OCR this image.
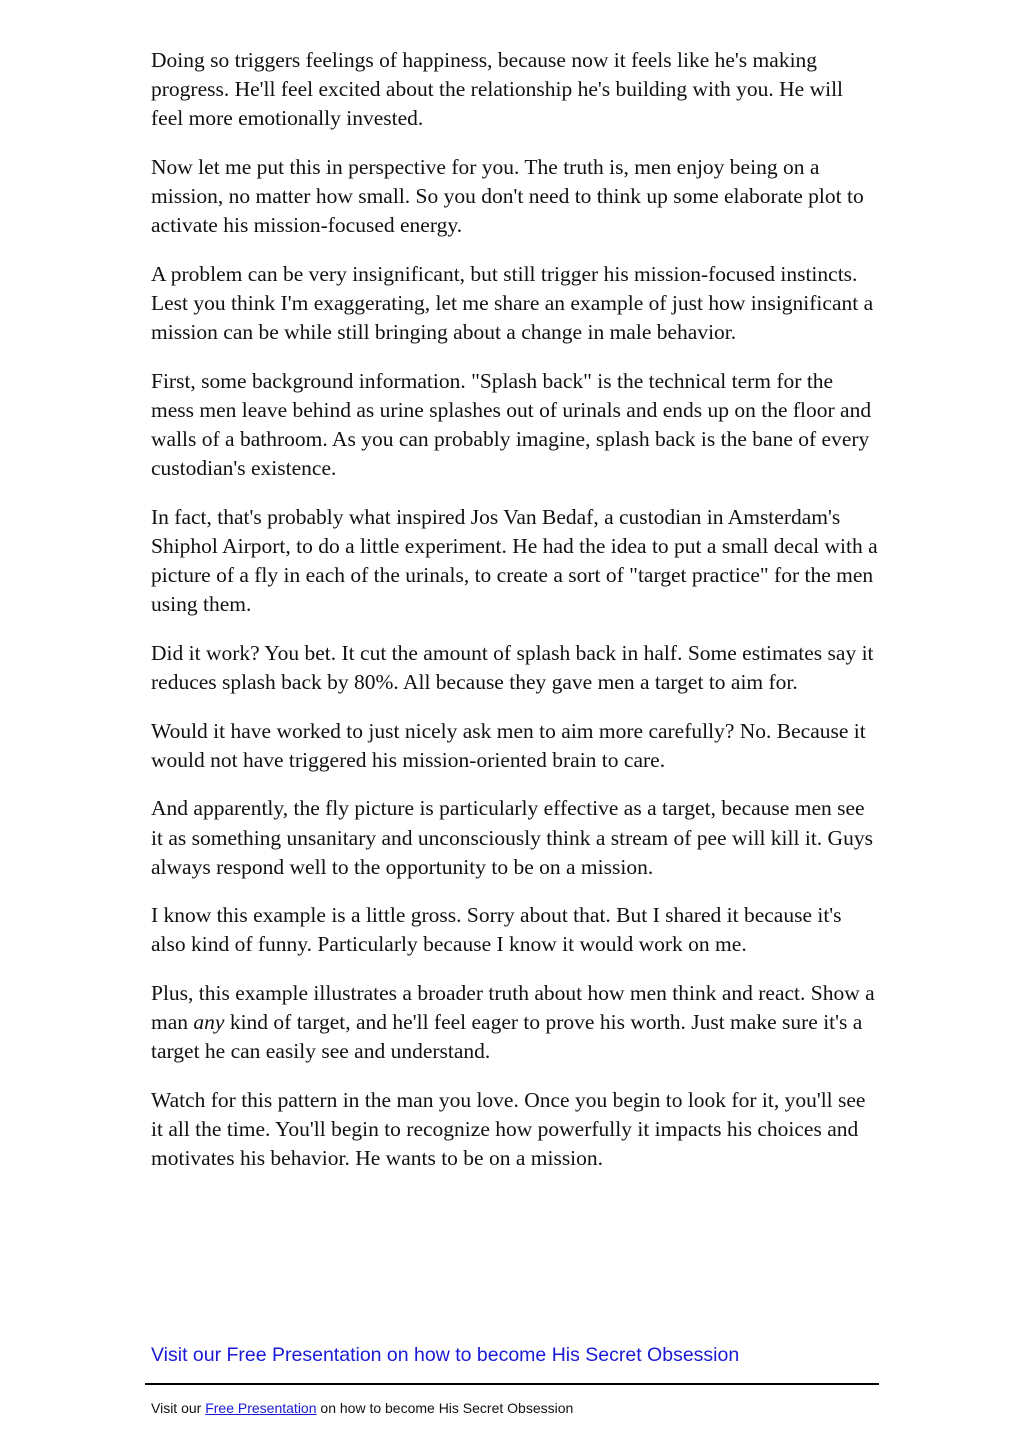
Doing so triggers feelings of happiness, because now it feels like he's making progress. He'll feel excited about the relationship he's building with you. He will feel more emotionally invested.

Now let me put this in perspective for you. The truth is, men enjoy being on a mission, no matter how small. So you don't need to think up some elaborate plot to activate his mission-focused energy.

A problem can be very insignificant, but still trigger his mission-focused instincts. Lest you think I'm exaggerating, let me share an example of just how insignificant a mission can be while still bringing about a change in male behavior.

First, some background information. "Splash back" is the technical term for the mess men leave behind as urine splashes out of urinals and ends up on the floor and walls of a bathroom. As you can probably imagine, splash back is the bane of every custodian's existence.

In fact, that's probably what inspired Jos Van Bedaf, a custodian in Amsterdam's Shiphol Airport, to do a little experiment. He had the idea to put a small decal with a picture of a fly in each of the urinals, to create a sort of "target practice" for the men using them.

Did it work? You bet. It cut the amount of splash back in half. Some estimates say it reduces splash back by 80%. All because they gave men a target to aim for.

Would it have worked to just nicely ask men to aim more carefully? No. Because it would not have triggered his mission-oriented brain to care.

And apparently, the fly picture is particularly effective as a target, because men see it as something unsanitary and unconsciously think a stream of pee will kill it. Guys always respond well to the opportunity to be on a mission.

I know this example is a little gross. Sorry about that. But I shared it because it's also kind of funny. Particularly because I know it would work on me.

Plus, this example illustrates a broader truth about how men think and react. Show a man any kind of target, and he'll feel eager to prove his worth. Just make sure it's a target he can easily see and understand.

Watch for this pattern in the man you love. Once you begin to look for it, you'll see it all the time. You'll begin to recognize how powerfully it impacts his choices and motivates his behavior. He wants to be on a mission.

Visit our Free Presentation on how to become His Secret Obsession
Visit our Free Presentation on how to become His Secret Obsession
